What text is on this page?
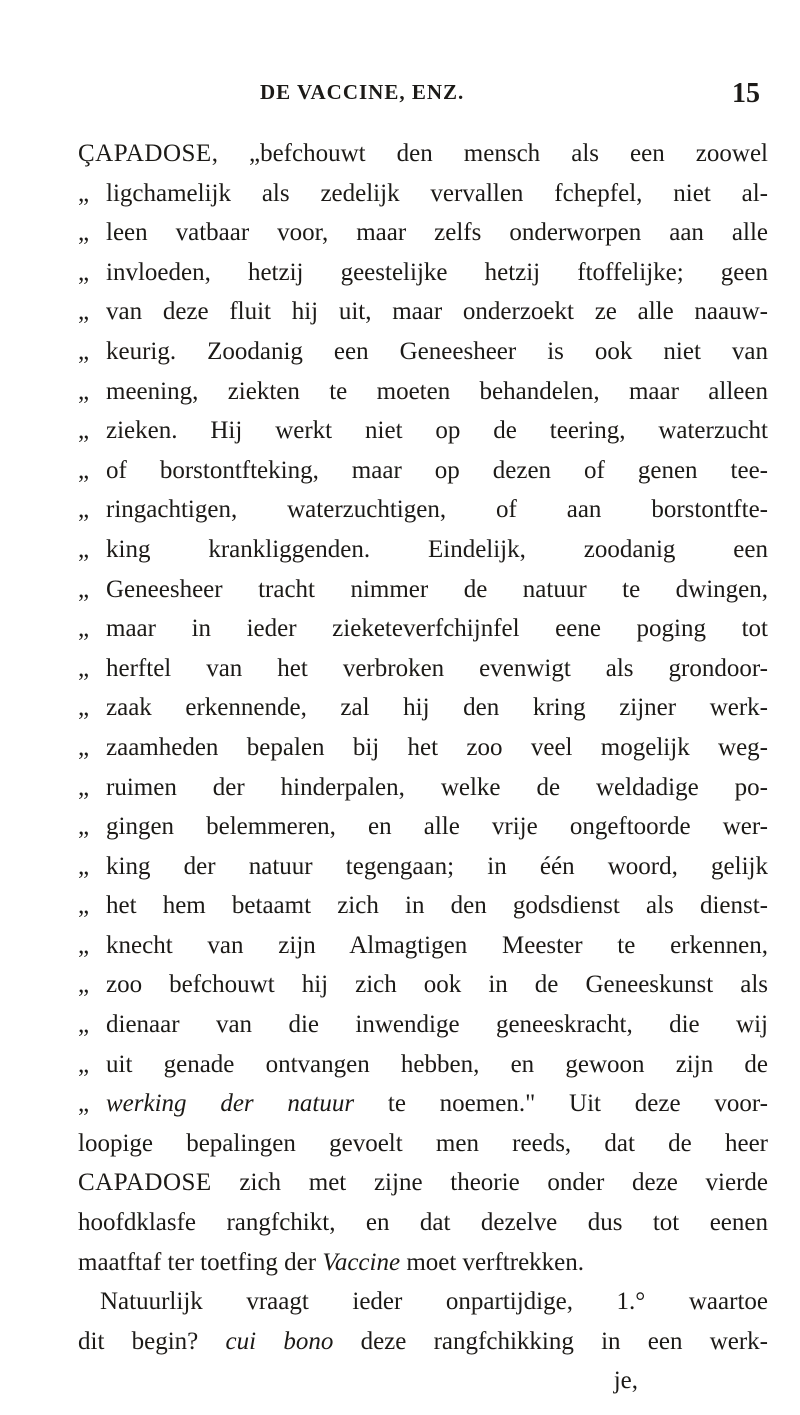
DE VACCINE, ENZ.	15
ÇAPADOSE, „befchouwt den mensch als een zoowel
„ ligchamelijk als zedelijk vervallen fchepfel, niet al-
„ leen vatbaar voor, maar zelfs onderworpen aan alle
„ invloeden, hetzij geestelijke hetzij ftoffelijke; geen
„ van deze fluit hij uit, maar onderzoekt ze alle naauw-
„ keurig. Zoodanig een Geneesheer is ook niet van
„ meening, ziekten te moeten behandelen, maar alleen
„ zieken. Hij werkt niet op de teering, waterzucht
„ of borstontfteking, maar op dezen of genen tee-
„ ringachtigen, waterzuchtigen, of aan borstontfte-
„ king krankliggenden. Eindelijk, zoodanig een
„ Geneesheer tracht nimmer de natuur te dwingen,
„ maar in ieder zieketeverfchijnfel eene poging tot
„ herftel van het verbroken evenwigt als grondoor-
„ zaak erkennende, zal hij den kring zijner werk-
„ zaamheden bepalen bij het zoo veel mogelijk weg-
„ ruimen der hinderpalen, welke de weldadige po-
„ gingen belemmeren, en alle vrije ongeftoorde wer-
„ king der natuur tegengaan; in één woord, gelijk
„ het hem betaamt zich in den godsdienst als dienst-
„ knecht van zijn Almagtigen Meester te erkennen,
„ zoo befchouwt hij zich ook in de Geneeskunst als
„ dienaar van die inwendige geneeskracht, die wij
„ uit genade ontvangen hebben, en gewoon zijn de
„ werking der natuur te noemen." Uit deze voor-
loopige bepalingen gevoelt men reeds, dat de heer
CAPADOSE zich met zijne theorie onder deze vierde
hoofdklasfe rangfchikt, en dat dezelve dus tot eenen
maatftaf ter toetfing der Vaccine moet verftrekken.
Natuurlijk vraagt ieder onpartijdige, 1.° waartoe
dit begin? cui bono deze rangfchikking in een werk-
je,
